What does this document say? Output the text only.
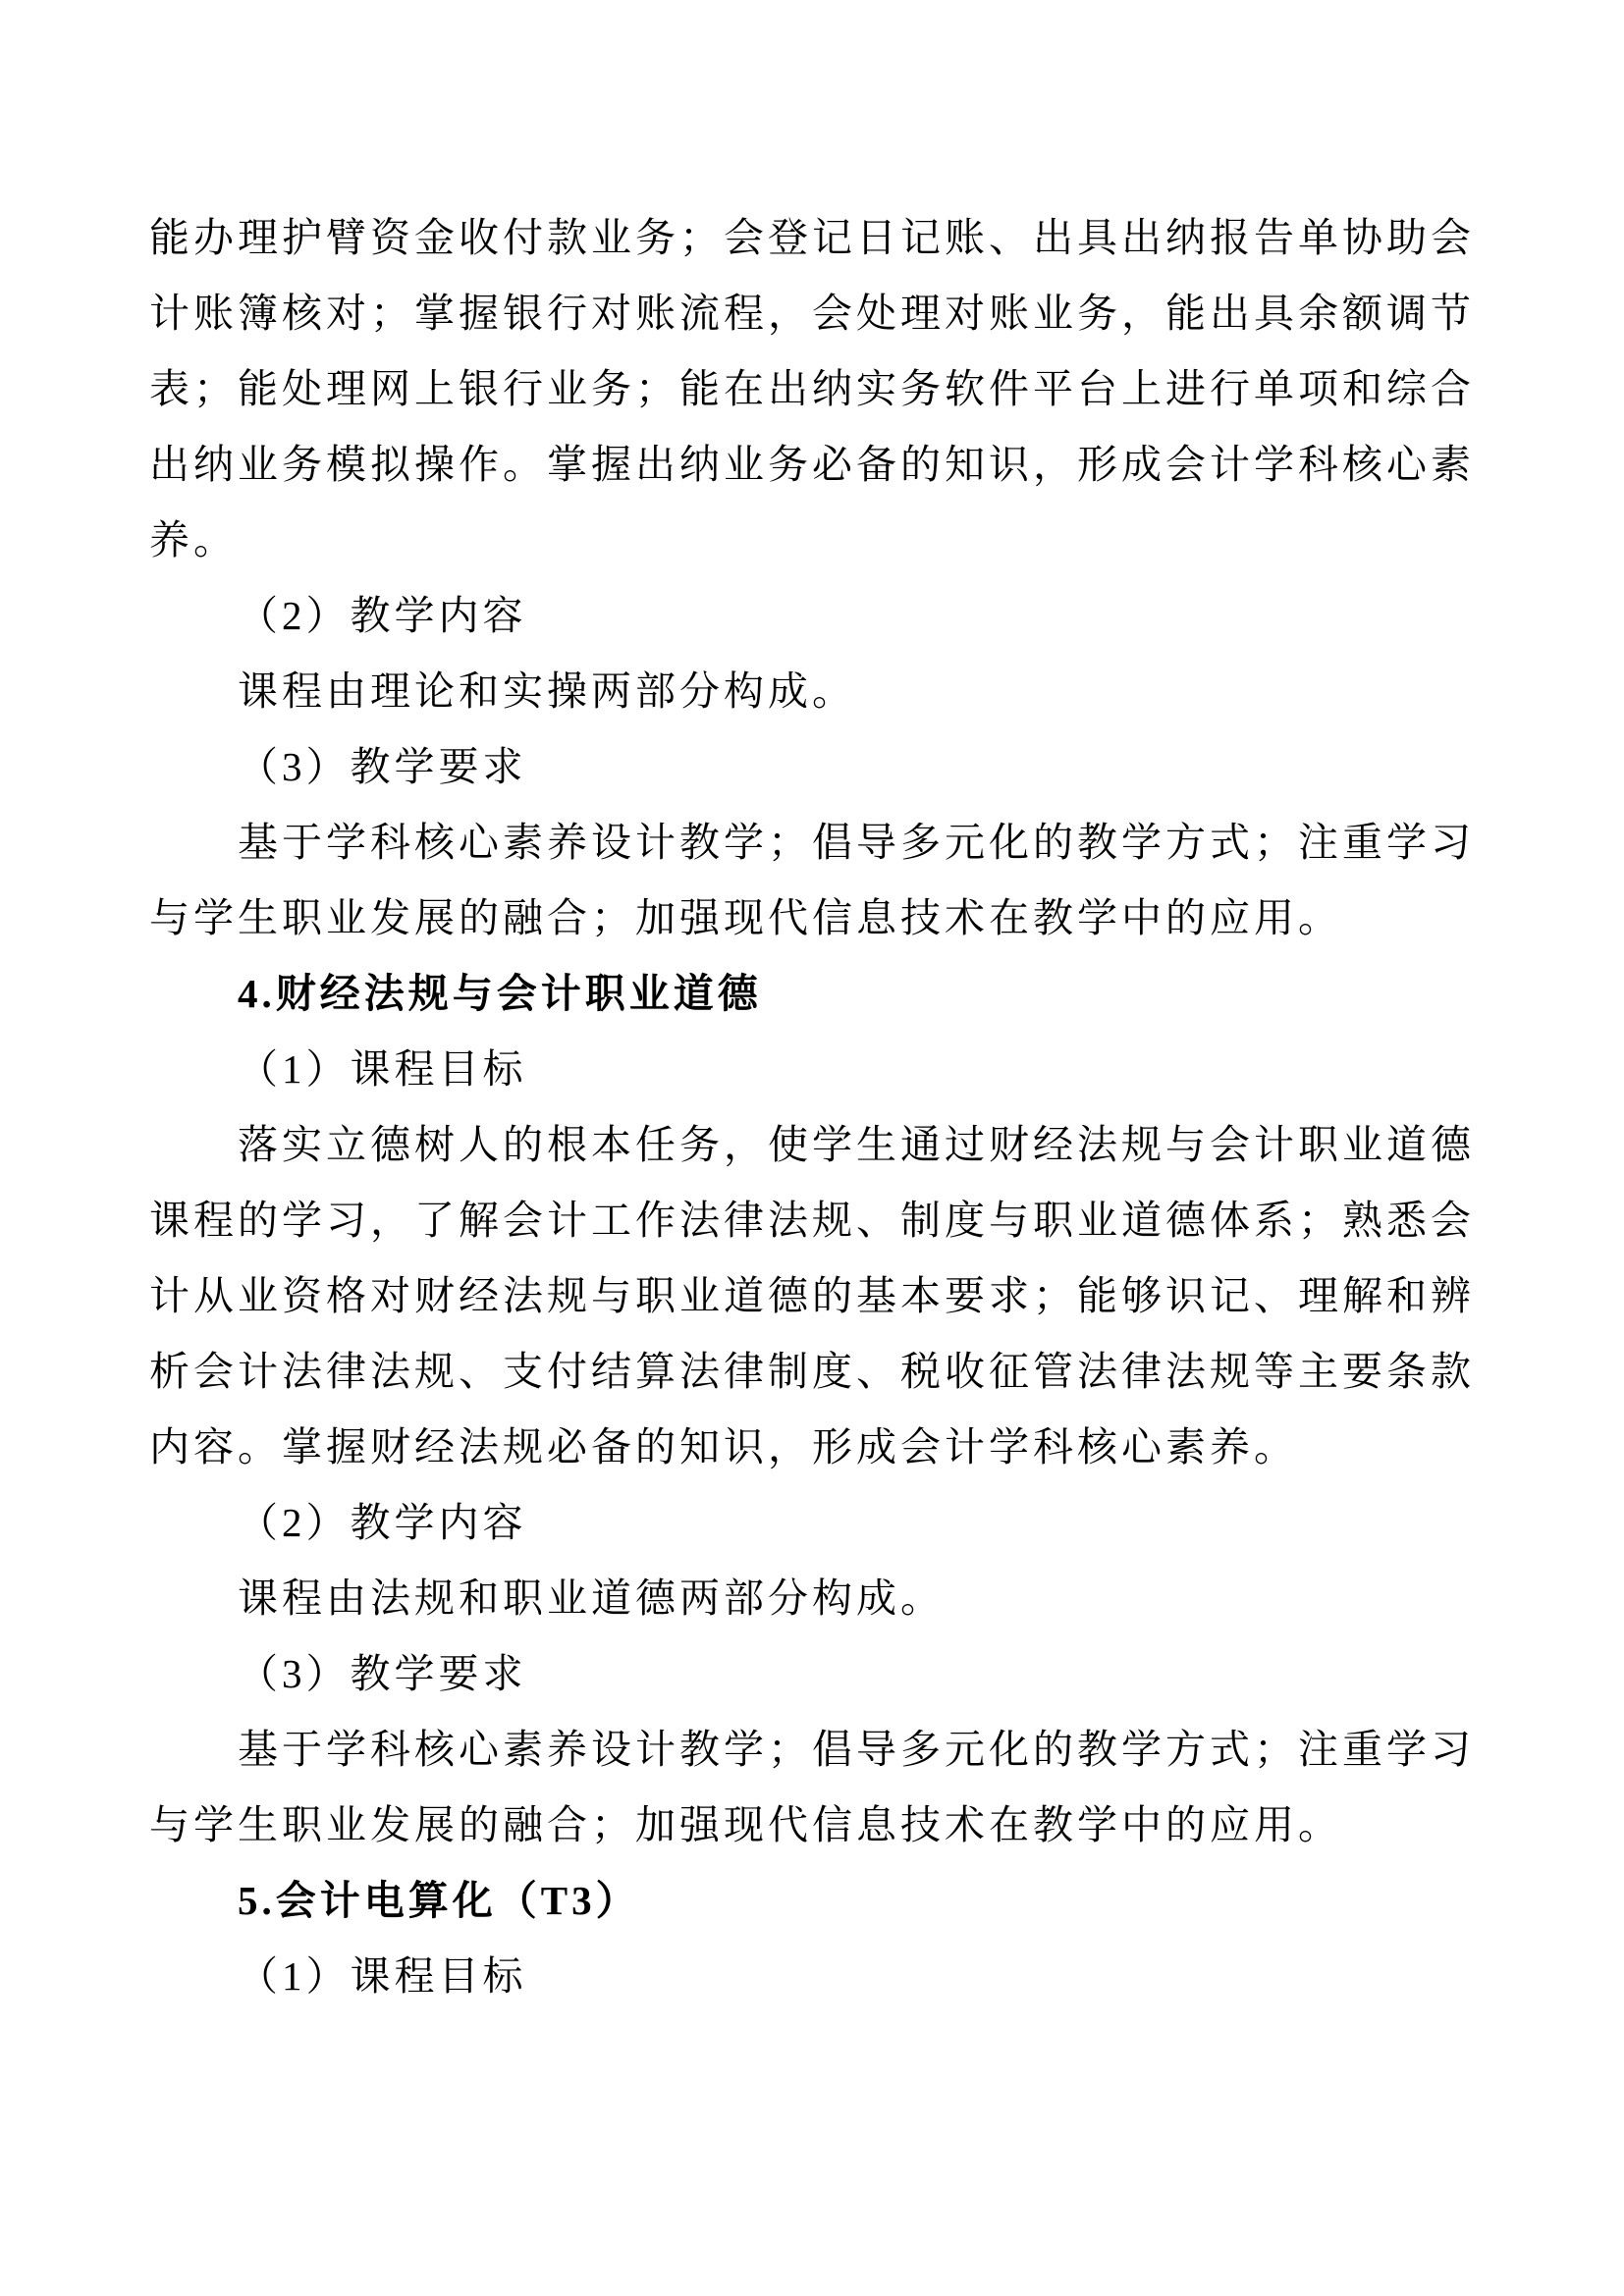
能办理护臂资金收付款业务；会登记日记账、出具出纳报告单协助会计账簿核对；掌握银行对账流程，会处理对账业务，能出具余额调节表；能处理网上银行业务；能在出纳实务软件平台上进行单项和综合出纳业务模拟操作。掌握出纳业务必备的知识，形成会计学科核心素养。

（2）教学内容

课程由理论和实操两部分构成。

（3）教学要求

基于学科核心素养设计教学；倡导多元化的教学方式；注重学习与学生职业发展的融合；加强现代信息技术在教学中的应用。

4.财经法规与会计职业道德

（1）课程目标

落实立德树人的根本任务，使学生通过财经法规与会计职业道德课程的学习，了解会计工作法律法规、制度与职业道德体系；熟悉会计从业资格对财经法规与职业道德的基本要求；能够识记、理解和辨析会计法律法规、支付结算法律制度、税收征管法律法规等主要条款内容。掌握财经法规必备的知识，形成会计学科核心素养。

（2）教学内容

课程由法规和职业道德两部分构成。

（3）教学要求

基于学科核心素养设计教学；倡导多元化的教学方式；注重学习与学生职业发展的融合；加强现代信息技术在教学中的应用。

5.会计电算化（T3）

（1）课程目标
